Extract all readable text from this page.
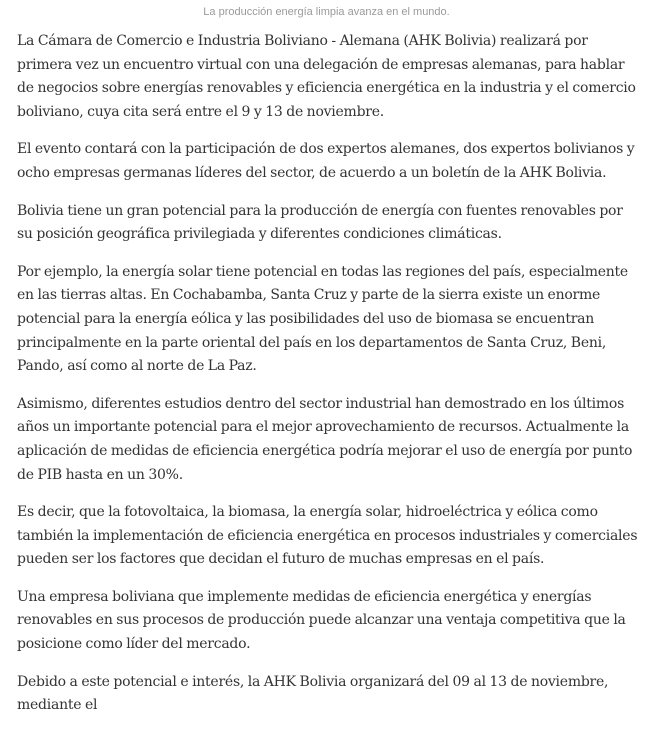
La producción energía limpia avanza en el mundo.

La Cámara de Comercio e Industria Boliviano - Alemana (AHK Bolivia) realizará por primera vez un encuentro virtual con una delegación de empresas alemanas, para hablar de negocios sobre energías renovables y eficiencia energética en la industria y el comercio boliviano, cuya cita será entre el 9 y 13 de noviembre.

El evento contará con la participación de dos expertos alemanes, dos expertos bolivianos y ocho empresas germanas líderes del sector, de acuerdo a un boletín de la AHK Bolivia.

Bolivia tiene un gran potencial para la producción de energía con fuentes renovables por su posición geográfica privilegiada y diferentes condiciones climáticas.

Por ejemplo, la energía solar tiene potencial en todas las regiones del país, especialmente en las tierras altas. En Cochabamba, Santa Cruz y parte de la sierra existe un enorme potencial para la energía eólica y las posibilidades del uso de biomasa se encuentran principalmente en la parte oriental del país en los departamentos de Santa Cruz, Beni, Pando, así como al norte de La Paz.

Asimismo, diferentes estudios dentro del sector industrial han demostrado en los últimos años un importante potencial para el mejor aprovechamiento de recursos. Actualmente la aplicación de medidas de eficiencia energética podría mejorar el uso de energía por punto de PIB hasta en un 30%.

Es decir, que la fotovoltaica, la biomasa, la energía solar, hidroeléctrica y eólica como también la implementación de eficiencia energética en procesos industriales y comerciales pueden ser los factores que decidan el futuro de muchas empresas en el país.

Una empresa boliviana que implemente medidas de eficiencia energética y energías renovables en sus procesos de producción puede alcanzar una ventaja competitiva que la posicione como líder del mercado.

Debido a este potencial e interés, la AHK Bolivia organizará del 09 al 13 de noviembre, mediante el
